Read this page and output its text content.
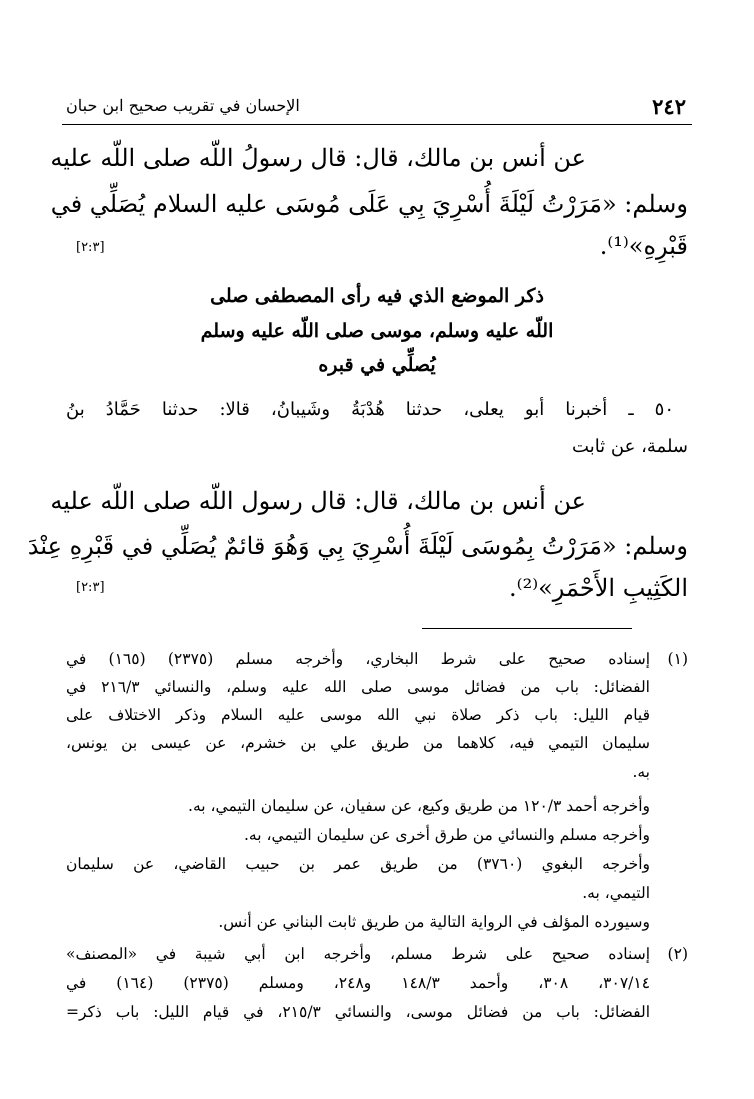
٢٤٢
الإحسان في تقريب صحيح ابن حبان
عن أنس بن مالك، قال: قال رسولُ اللّه صلى اللّه عليه
وسلم: «مَرَرْتُ لَيْلَةَ أُسْرِيَ بِي عَلَى مُوسَى عليه السلام يُصَلِّي في
قَبْرِهِ»⁽¹⁾.
[٢:٣]
ذكر الموضع الذي فيه رأى المصطفى صلى
اللّه عليه وسلم، موسى صلى اللّه عليه وسلم
يُصلِّي في قبره
٥٠ ـ أخبرنا أبو يعلى، حدثنا هُدْبَةُ وشَيبانُ، قالا: حدثنا حَمَّادُ بنُ
سلمة، عن ثابت
عن أنس بن مالك، قال: قال رسول اللّه صلى اللّه عليه
وسلم: «مَرَرْتُ بِمُوسَى لَيْلَةَ أُسْرِيَ بِي وَهُوَ قائمٌ يُصَلِّي في قَبْرِهِ عِنْدَ
الكَثِيبِ الأَحْمَرِ»⁽²⁾.
[٢:٣]
(١)إسناده صحيح على شرط البخاري، وأخرجه مسلم (٢٣٧٥) (١٦٥) في
الفضائل: باب من فضائل موسى صلى الله عليه وسلم، والنسائي ٢١٦/٣ في
قيام الليل: باب ذكر صلاة نبي الله موسى عليه السلام وذكر الاختلاف على
سليمان التيمي فيه، كلاهما من طريق علي بن خشرم، عن عيسى بن يونس،
به.
وأخرجه أحمد ١٢٠/٣ من طريق وكيع، عن سفيان، عن سليمان التيمي، به.
وأخرجه مسلم والنسائي من طرق أخرى عن سليمان التيمي، به.
وأخرجه البغوي (٣٧٦٠) من طريق عمر بن حبيب القاضي، عن سليمان
التيمي، به.
وسيورده المؤلف في الرواية التالية من طريق ثابت البناني عن أنس.
(٢)إسناده صحيح على شرط مسلم، وأخرجه ابن أبي شيبة في «المصنف»
٣٠٧/١٤، ٣٠٨، وأحمد ١٤٨/٣ و٢٤٨، ومسلم (٢٣٧٥) (١٦٤) في
الفضائل: باب من فضائل موسى، والنسائي ٢١٥/٣، في قيام الليل: باب ذكر=
